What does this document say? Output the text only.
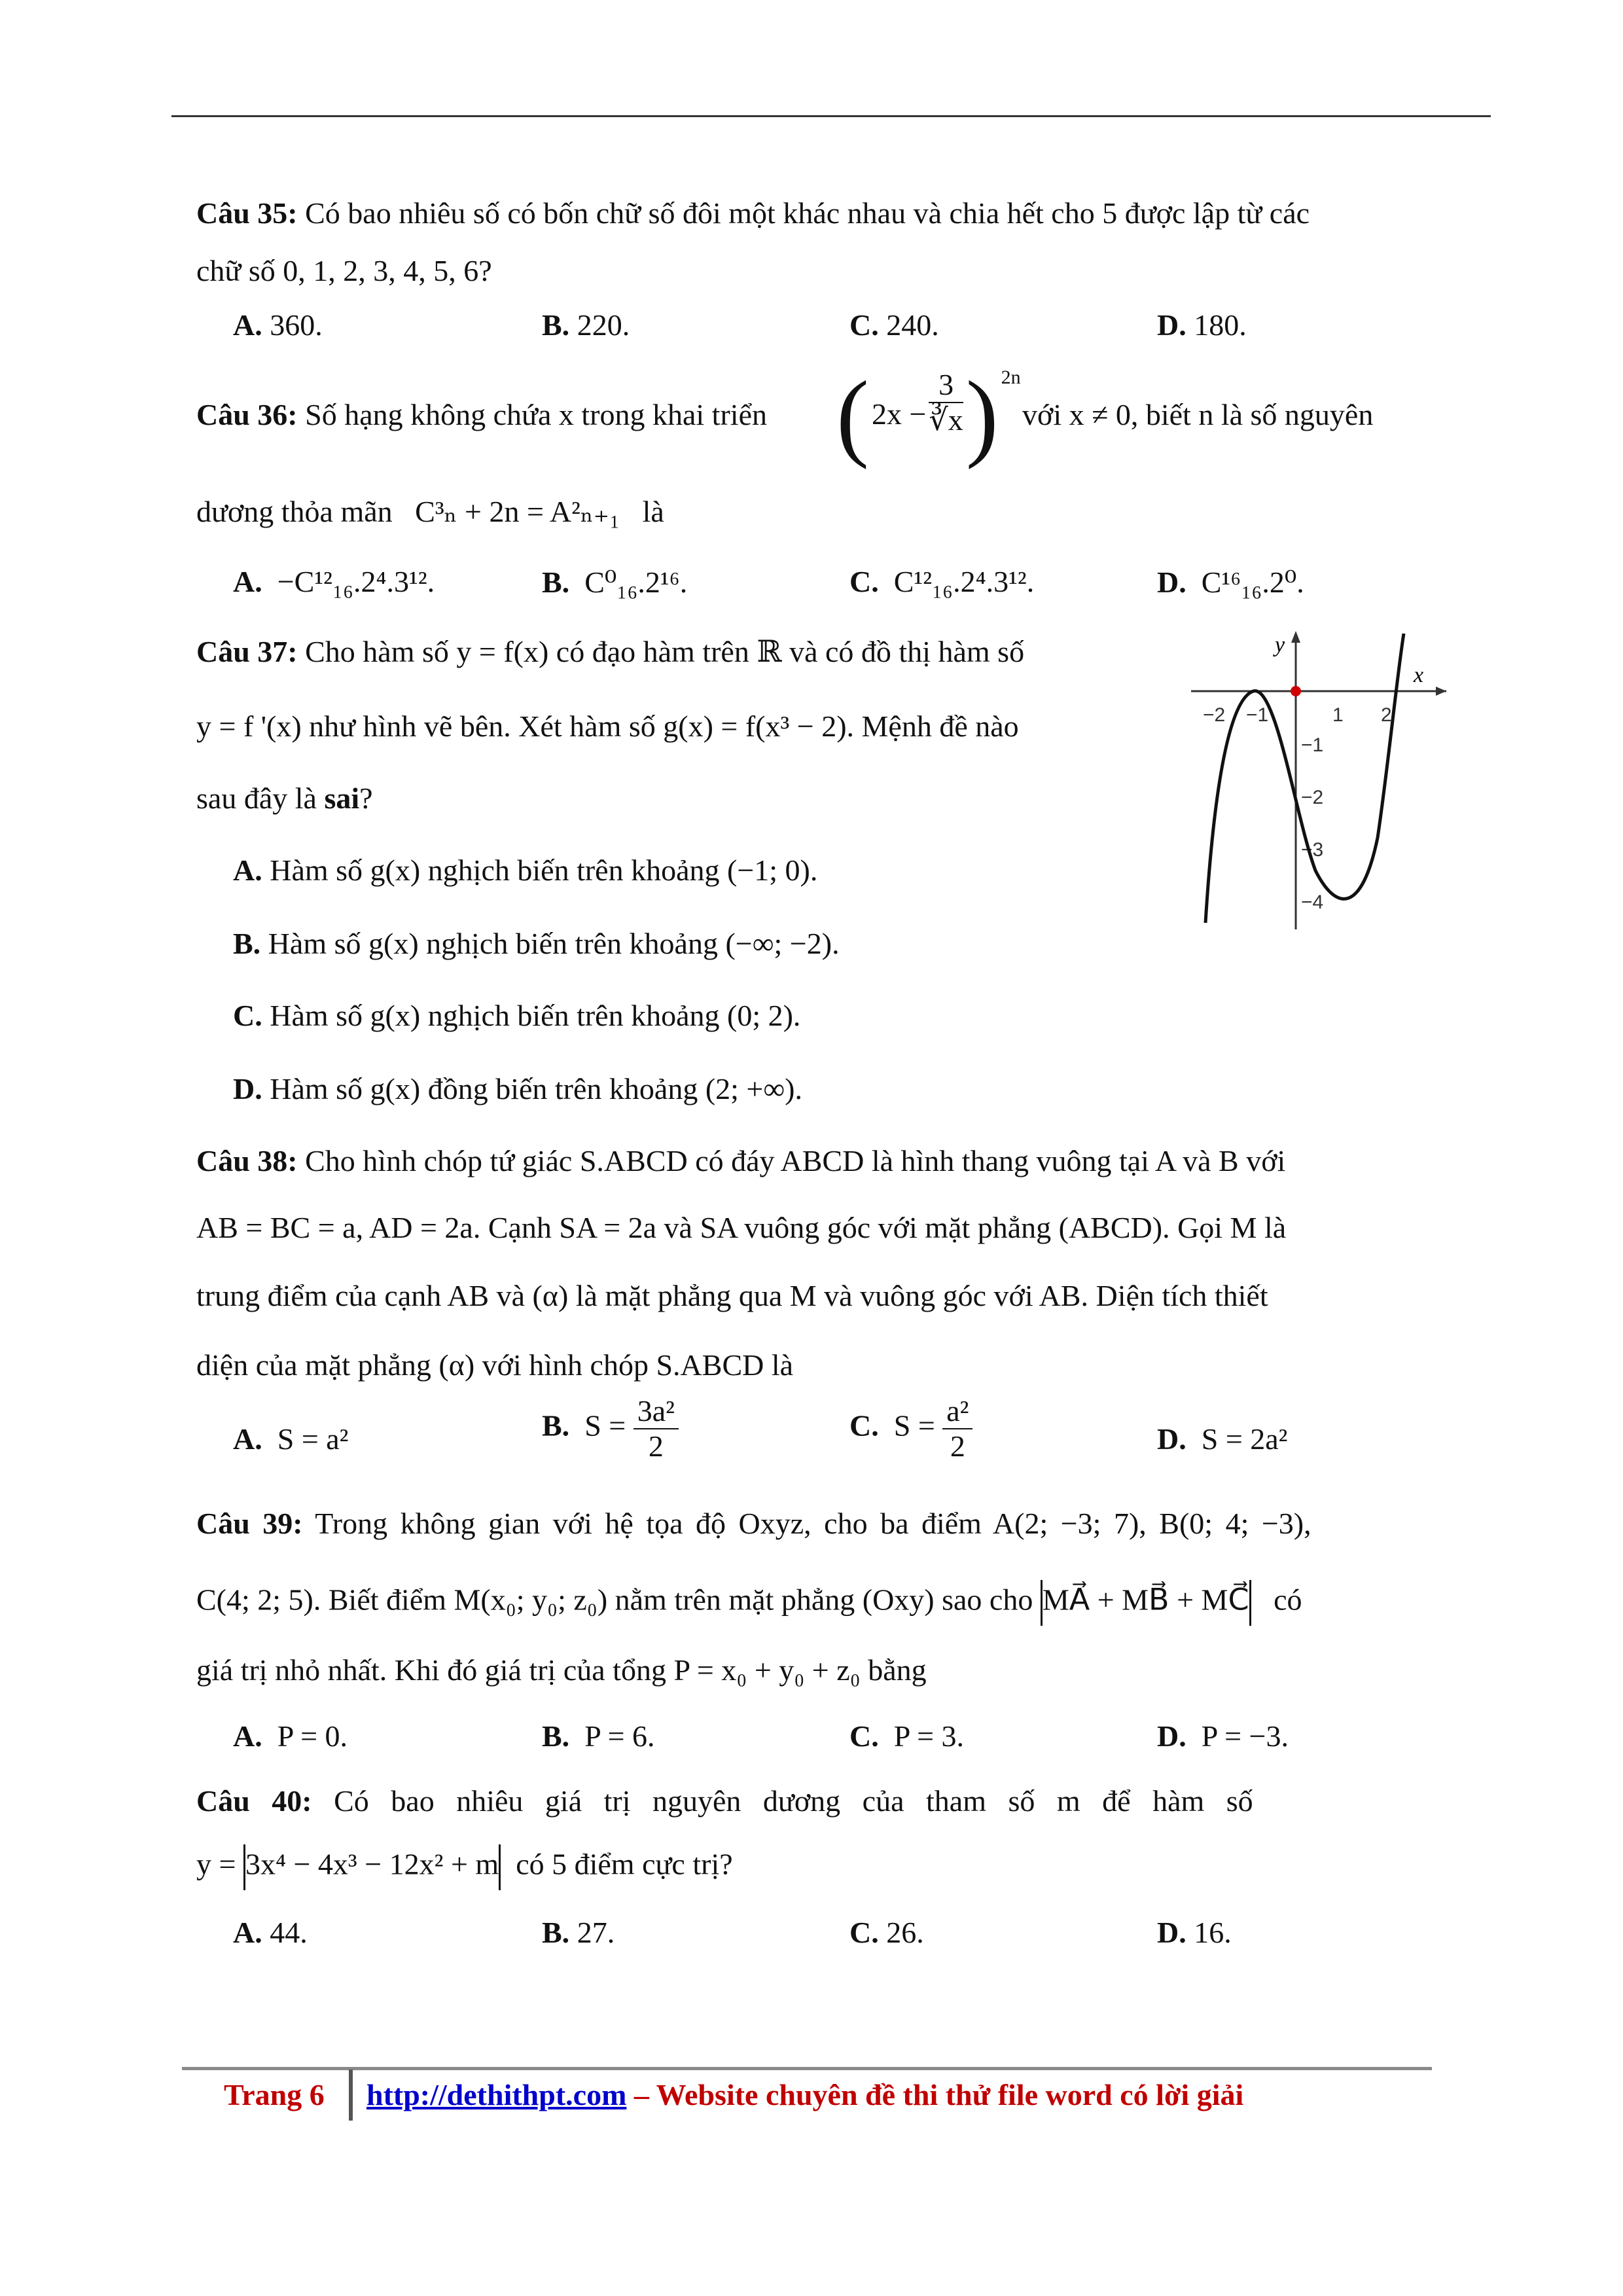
Câu 35: Có bao nhiêu số có bốn chữ số đôi một khác nhau và chia hết cho 5 được lập từ các
chữ số 0, 1, 2, 3, 4, 5, 6?
A. 360.	B. 220.	C. 240.	D. 180.
Câu 36: Số hạng không chứa x trong khai triển ( $2x - \frac{3}{∛x}$ ) 2n
với x ≠ 0, biết n là số nguyên
dương thỏa mãn C³ₙ + 2n = A²ₙ₊₁ là
A. −C¹²₁₆.2⁴.3¹².	B. C⁰₁₆.2¹⁶.	C. C¹²₁₆.2⁴.3¹².	D. C¹⁶₁₆.2⁰.
Câu 37: Cho hàm số y = f(x) có đạo hàm trên ℝ và có đồ thị hàm số
y = f '(x) như hình vẽ bên. Xét hàm số g(x) = f(x³ − 2). Mệnh đề nào
sau đây là sai?
A. Hàm số g(x) nghịch biến trên khoảng (−1; 0).
B. Hàm số g(x) nghịch biến trên khoảng (−∞; −2).
C. Hàm số g(x) nghịch biến trên khoảng (0; 2).
D. Hàm số g(x) đồng biến trên khoảng (2; +∞).
x
y
−2 −1	1 2
−1
−2
−3
−4
Câu 38: Cho hình chóp tứ giác S.ABCD có đáy ABCD là hình thang vuông tại A và B với
AB = BC = a, AD = 2a. Cạnh SA = 2a và SA vuông góc với mặt phẳng (ABCD). Gọi M là
trung điểm của cạnh AB và (α) là mặt phẳng qua M và vuông góc với AB. Diện tích thiết
diện của mặt phẳng (α) với hình chóp S.ABCD là
A. S = a²	B. $S = \frac{\text{3a²}}{2}$	C. $S = \frac{\text{a²}}{2}$	D. S = 2a²
Câu 39: Trong không gian với hệ tọa độ Oxyz, cho ba điểm A(2; −3; 7), B(0; 4; −3),
C(4; 2; 5). Biết điểm M(x₀; y₀; z₀) nằm trên mặt phẳng (Oxy) sao cho MA⃗ + MB⃗ + MC⃗ có
giá trị nhỏ nhất. Khi đó giá trị của tổng P = x₀ + y₀ + z₀ bằng
A. P = 0.	B. P = 6.	C. P = 3.	D. P = −3.
Câu 40: Có bao nhiêu giá trị nguyên dương của tham số m để hàm số
y = 3x⁴ − 4x³ − 12x² + m có 5 điểm cực trị?
A. 44.	B. 27.	C. 26.	D. 16.
Trang 6 http://dethithpt.com – Website chuyên đề thi thử file word có lời giải
